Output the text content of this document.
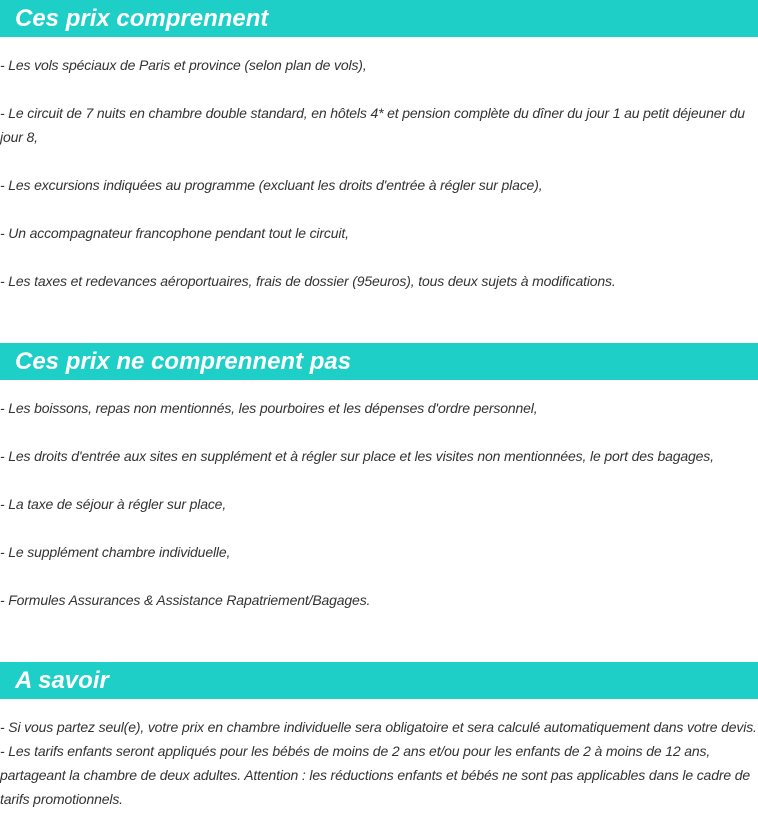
Ces prix comprennent

- Les vols spéciaux de Paris et province (selon plan de vols),

- Le circuit de 7 nuits en chambre double standard, en hôtels 4* et pension complète du dîner du jour 1 au petit déjeuner du jour 8,

- Les excursions indiquées au programme (excluant les droits d'entrée à régler sur place),

- Un accompagnateur francophone pendant tout le circuit,

- Les taxes et redevances aéroportuaires, frais de dossier (95euros), tous deux sujets à modifications.

Ces prix ne comprennent pas

- Les boissons, repas non mentionnés, les pourboires et les dépenses d'ordre personnel,

- Les droits d'entrée aux sites en supplément et à régler sur place et les visites non mentionnées, le port des bagages,

- La taxe de séjour à régler sur place,

- Le supplément chambre individuelle,

- Formules Assurances & Assistance Rapatriement/Bagages.

A savoir

- Si vous partez seul(e), votre prix en chambre individuelle sera obligatoire et sera calculé automatiquement dans votre devis.

- Les tarifs enfants seront appliqués pour les bébés de moins de 2 ans et/ou pour les enfants de 2 à moins de 12 ans, partageant la chambre de deux adultes. Attention : les réductions enfants et bébés ne sont pas applicables dans le cadre de tarifs promotionnels.
